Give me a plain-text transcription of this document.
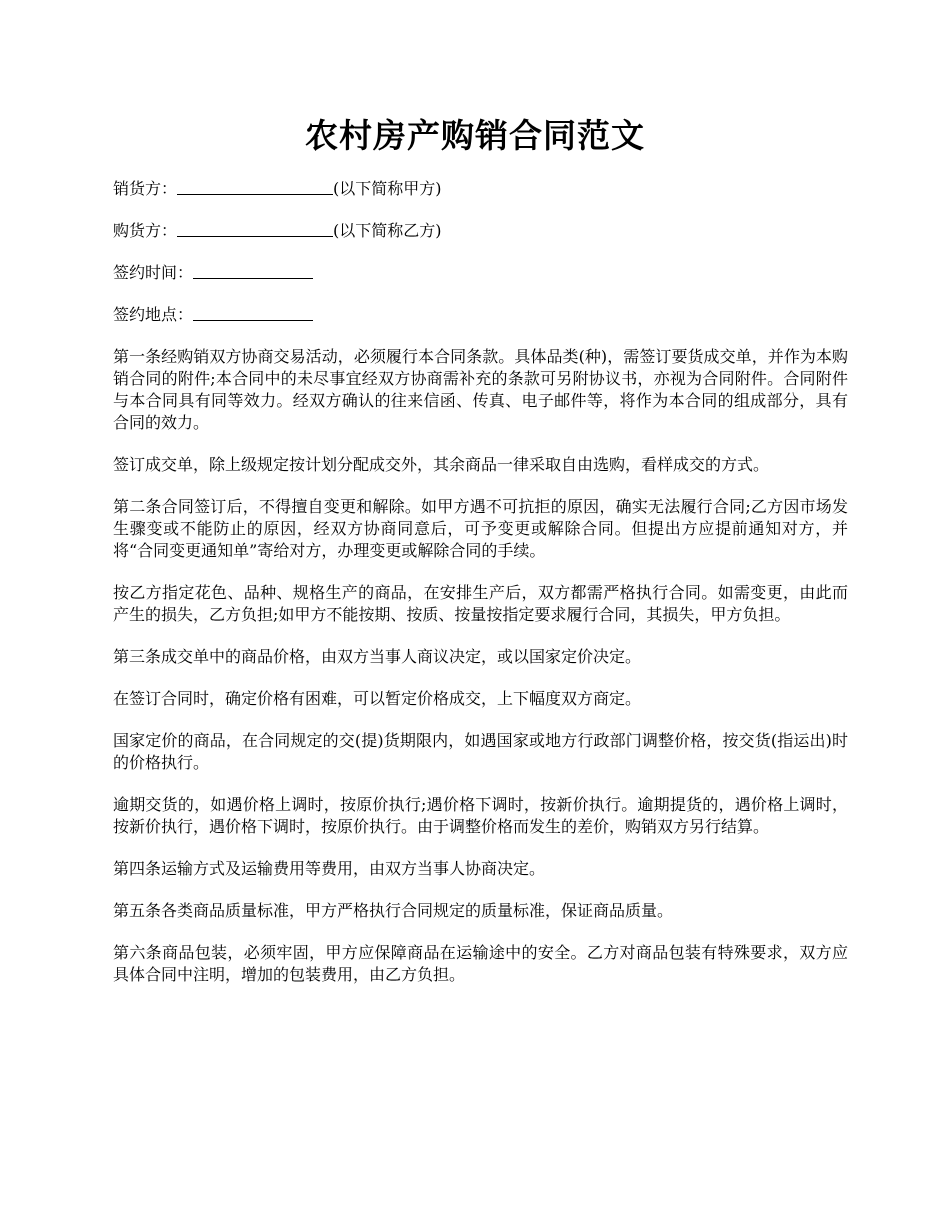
农村房产购销合同范文

销货方：	(以下简称甲方)

购货方：	(以下简称乙方)

签约时间：

签约地点：

第一条经购销双方协商交易活动，必须履行本合同条款。具体品类(种)，需签订要货成交单，并作为本购销合同的附件;本合同中的未尽事宜经双方协商需补充的条款可另附协议书，亦视为合同附件。合同附件与本合同具有同等效力。经双方确认的往来信函、传真、电子邮件等，将作为本合同的组成部分，具有合同的效力。

签订成交单，除上级规定按计划分配成交外，其余商品一律采取自由选购，看样成交的方式。

第二条合同签订后，不得擅自变更和解除。如甲方遇不可抗拒的原因，确实无法履行合同;乙方因市场发生骤变或不能防止的原因，经双方协商同意后，可予变更或解除合同。但提出方应提前通知对方，并将“合同变更通知单”寄给对方，办理变更或解除合同的手续。

按乙方指定花色、品种、规格生产的商品，在安排生产后，双方都需严格执行合同。如需变更，由此而产生的损失，乙方负担;如甲方不能按期、按质、按量按指定要求履行合同，其损失，甲方负担。

第三条成交单中的商品价格，由双方当事人商议决定，或以国家定价决定。

在签订合同时，确定价格有困难，可以暂定价格成交，上下幅度双方商定。

国家定价的商品，在合同规定的交(提)货期限内，如遇国家或地方行政部门调整价格，按交货(指运出)时的价格执行。

逾期交货的，如遇价格上调时，按原价执行;遇价格下调时，按新价执行。逾期提货的，遇价格上调时，按新价执行，遇价格下调时，按原价执行。由于调整价格而发生的差价，购销双方另行结算。

第四条运输方式及运输费用等费用，由双方当事人协商决定。

第五条各类商品质量标准，甲方严格执行合同规定的质量标准，保证商品质量。

第六条商品包装，必须牢固，甲方应保障商品在运输途中的安全。乙方对商品包装有特殊要求，双方应具体合同中注明，增加的包装费用，由乙方负担。
